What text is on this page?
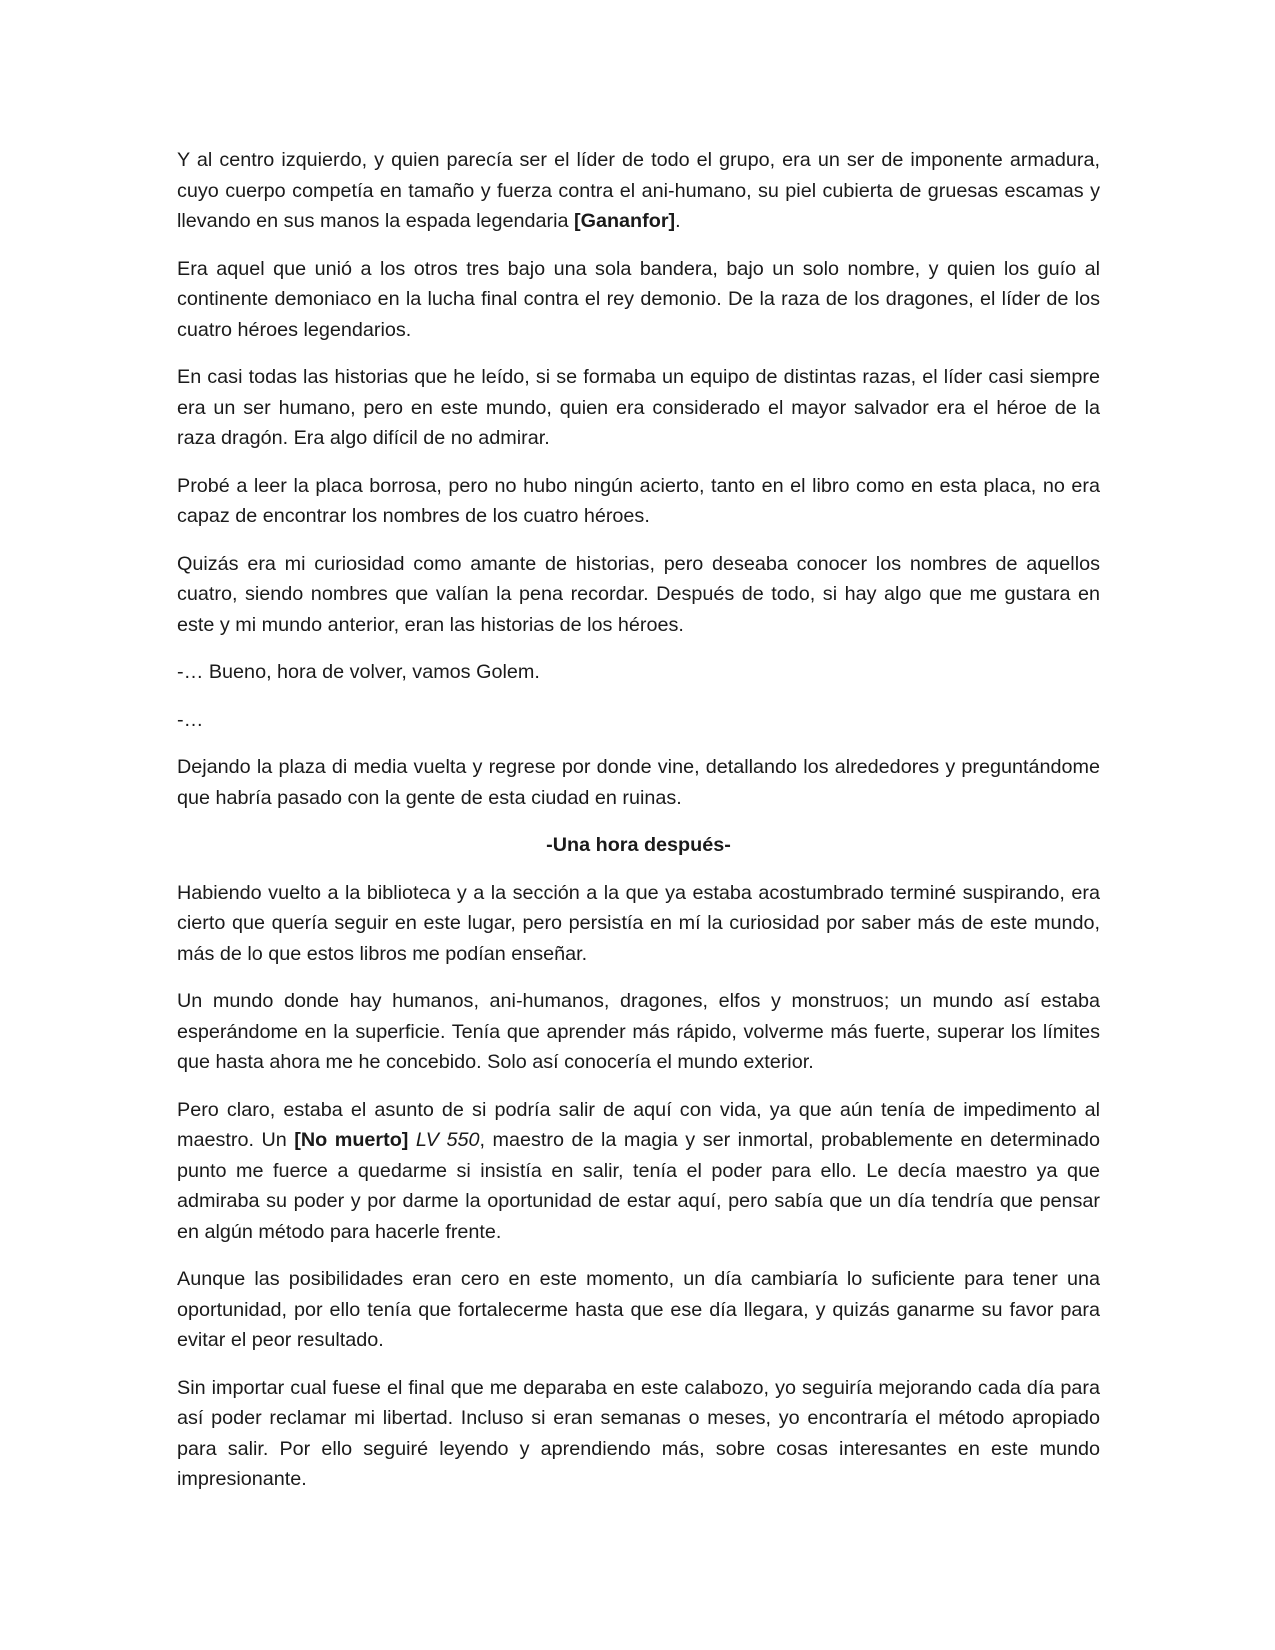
Y al centro izquierdo, y quien parecía ser el líder de todo el grupo, era un ser de imponente armadura, cuyo cuerpo competía en tamaño y fuerza contra el ani-humano, su piel cubierta de gruesas escamas y llevando en sus manos la espada legendaria [Gananfor].

Era aquel que unió a los otros tres bajo una sola bandera, bajo un solo nombre, y quien los guío al continente demoniaco en la lucha final contra el rey demonio. De la raza de los dragones, el líder de los cuatro héroes legendarios.

En casi todas las historias que he leído, si se formaba un equipo de distintas razas, el líder casi siempre era un ser humano, pero en este mundo, quien era considerado el mayor salvador era el héroe de la raza dragón. Era algo difícil de no admirar.

Probé a leer la placa borrosa, pero no hubo ningún acierto, tanto en el libro como en esta placa, no era capaz de encontrar los nombres de los cuatro héroes.

Quizás era mi curiosidad como amante de historias, pero deseaba conocer los nombres de aquellos cuatro, siendo nombres que valían la pena recordar. Después de todo, si hay algo que me gustara en este y mi mundo anterior, eran las historias de los héroes.

-… Bueno, hora de volver, vamos Golem.

-…

Dejando la plaza di media vuelta y regrese por donde vine, detallando los alrededores y preguntándome que habría pasado con la gente de esta ciudad en ruinas.

-Una hora después-

Habiendo vuelto a la biblioteca y a la sección a la que ya estaba acostumbrado terminé suspirando, era cierto que quería seguir en este lugar, pero persistía en mí la curiosidad por saber más de este mundo, más de lo que estos libros me podían enseñar.

Un mundo donde hay humanos, ani-humanos, dragones, elfos y monstruos; un mundo así estaba esperándome en la superficie. Tenía que aprender más rápido, volverme más fuerte, superar los límites que hasta ahora me he concebido. Solo así conocería el mundo exterior.

Pero claro, estaba el asunto de si podría salir de aquí con vida, ya que aún tenía de impedimento al maestro. Un [No muerto] LV 550, maestro de la magia y ser inmortal, probablemente en determinado punto me fuerce a quedarme si insistía en salir, tenía el poder para ello. Le decía maestro ya que admiraba su poder y por darme la oportunidad de estar aquí, pero sabía que un día tendría que pensar en algún método para hacerle frente.

Aunque las posibilidades eran cero en este momento, un día cambiaría lo suficiente para tener una oportunidad, por ello tenía que fortalecerme hasta que ese día llegara, y quizás ganarme su favor para evitar el peor resultado.

Sin importar cual fuese el final que me deparaba en este calabozo, yo seguiría mejorando cada día para así poder reclamar mi libertad. Incluso si eran semanas o meses, yo encontraría el método apropiado para salir. Por ello seguiré leyendo y aprendiendo más, sobre cosas interesantes en este mundo impresionante.
